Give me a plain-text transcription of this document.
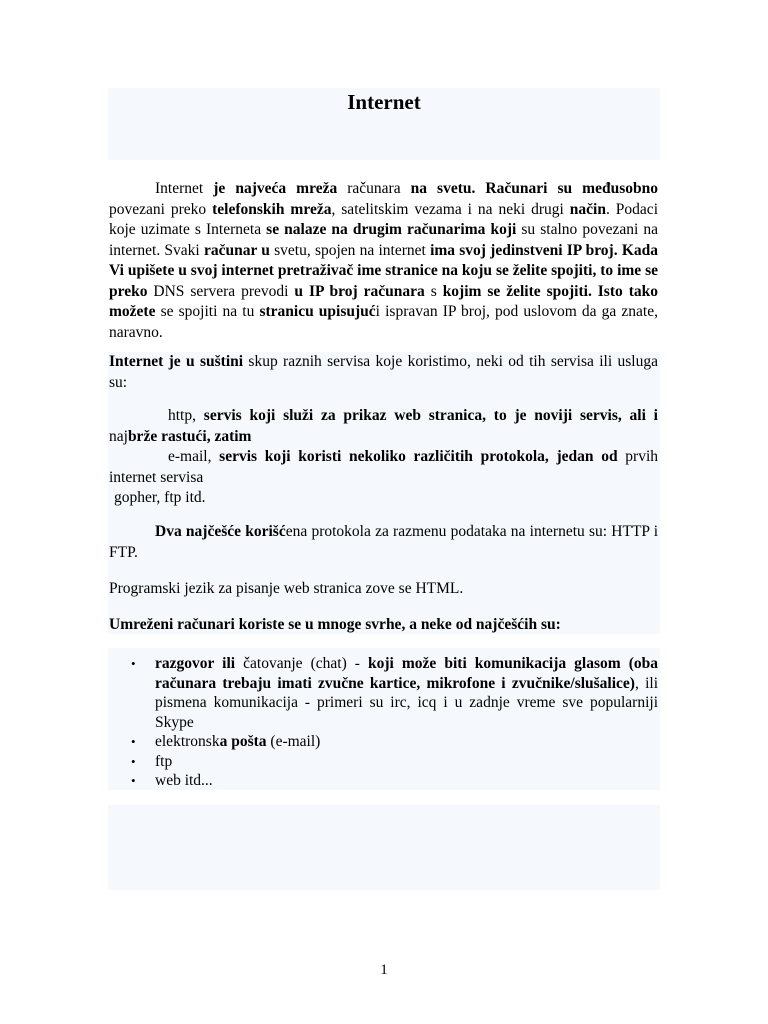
Internet

Internet je najveća mreža računara na svetu. Računari su međusobno povezani preko telefonskih mreža, satelitskim vezama i na neki drugi način. Podaci koje uzimate s Interneta se nalaze na drugim računarima koji su stalno povezani na internet. Svaki računar u svetu, spojen na internet ima svoj jedinstveni IP broj. Kada Vi upišete u svoj internet pretraživač ime stranice na koju se želite spojiti, to ime se preko DNS servera prevodi u IP broj računara s kojim se želite spojiti. Isto tako možete se spojiti na tu stranicu upisujući ispravan IP broj, pod uslovom da ga znate, naravno.

Internet je u suštini skup raznih servisa koje koristimo, neki od tih servisa ili usluga su:

http, servis koji služi za prikaz web stranica, to je noviji servis, ali i najbrže rastući, zatim
e-mail, servis koji koristi nekoliko različitih protokola, jedan od prvih internet servisa
gopher, ftp itd.

Dva najčešće korišćena protokola za razmenu podataka na internetu su: HTTP i FTP.

Programski jezik za pisanje web stranica zove se HTML.

Umreženi računari koriste se u mnoge svrhe, a neke od najčešćih su:

• razgovor ili čatovanje (chat) - koji može biti komunikacija glasom (oba računara trebaju imati zvučne kartice, mikrofone i zvučnike/slušalice), ili pismena komunikacija - primeri su irc, icq i u zadnje vreme sve popularniji Skype
• elektronska pošta (e-mail)
• ftp
• web itd...
1
